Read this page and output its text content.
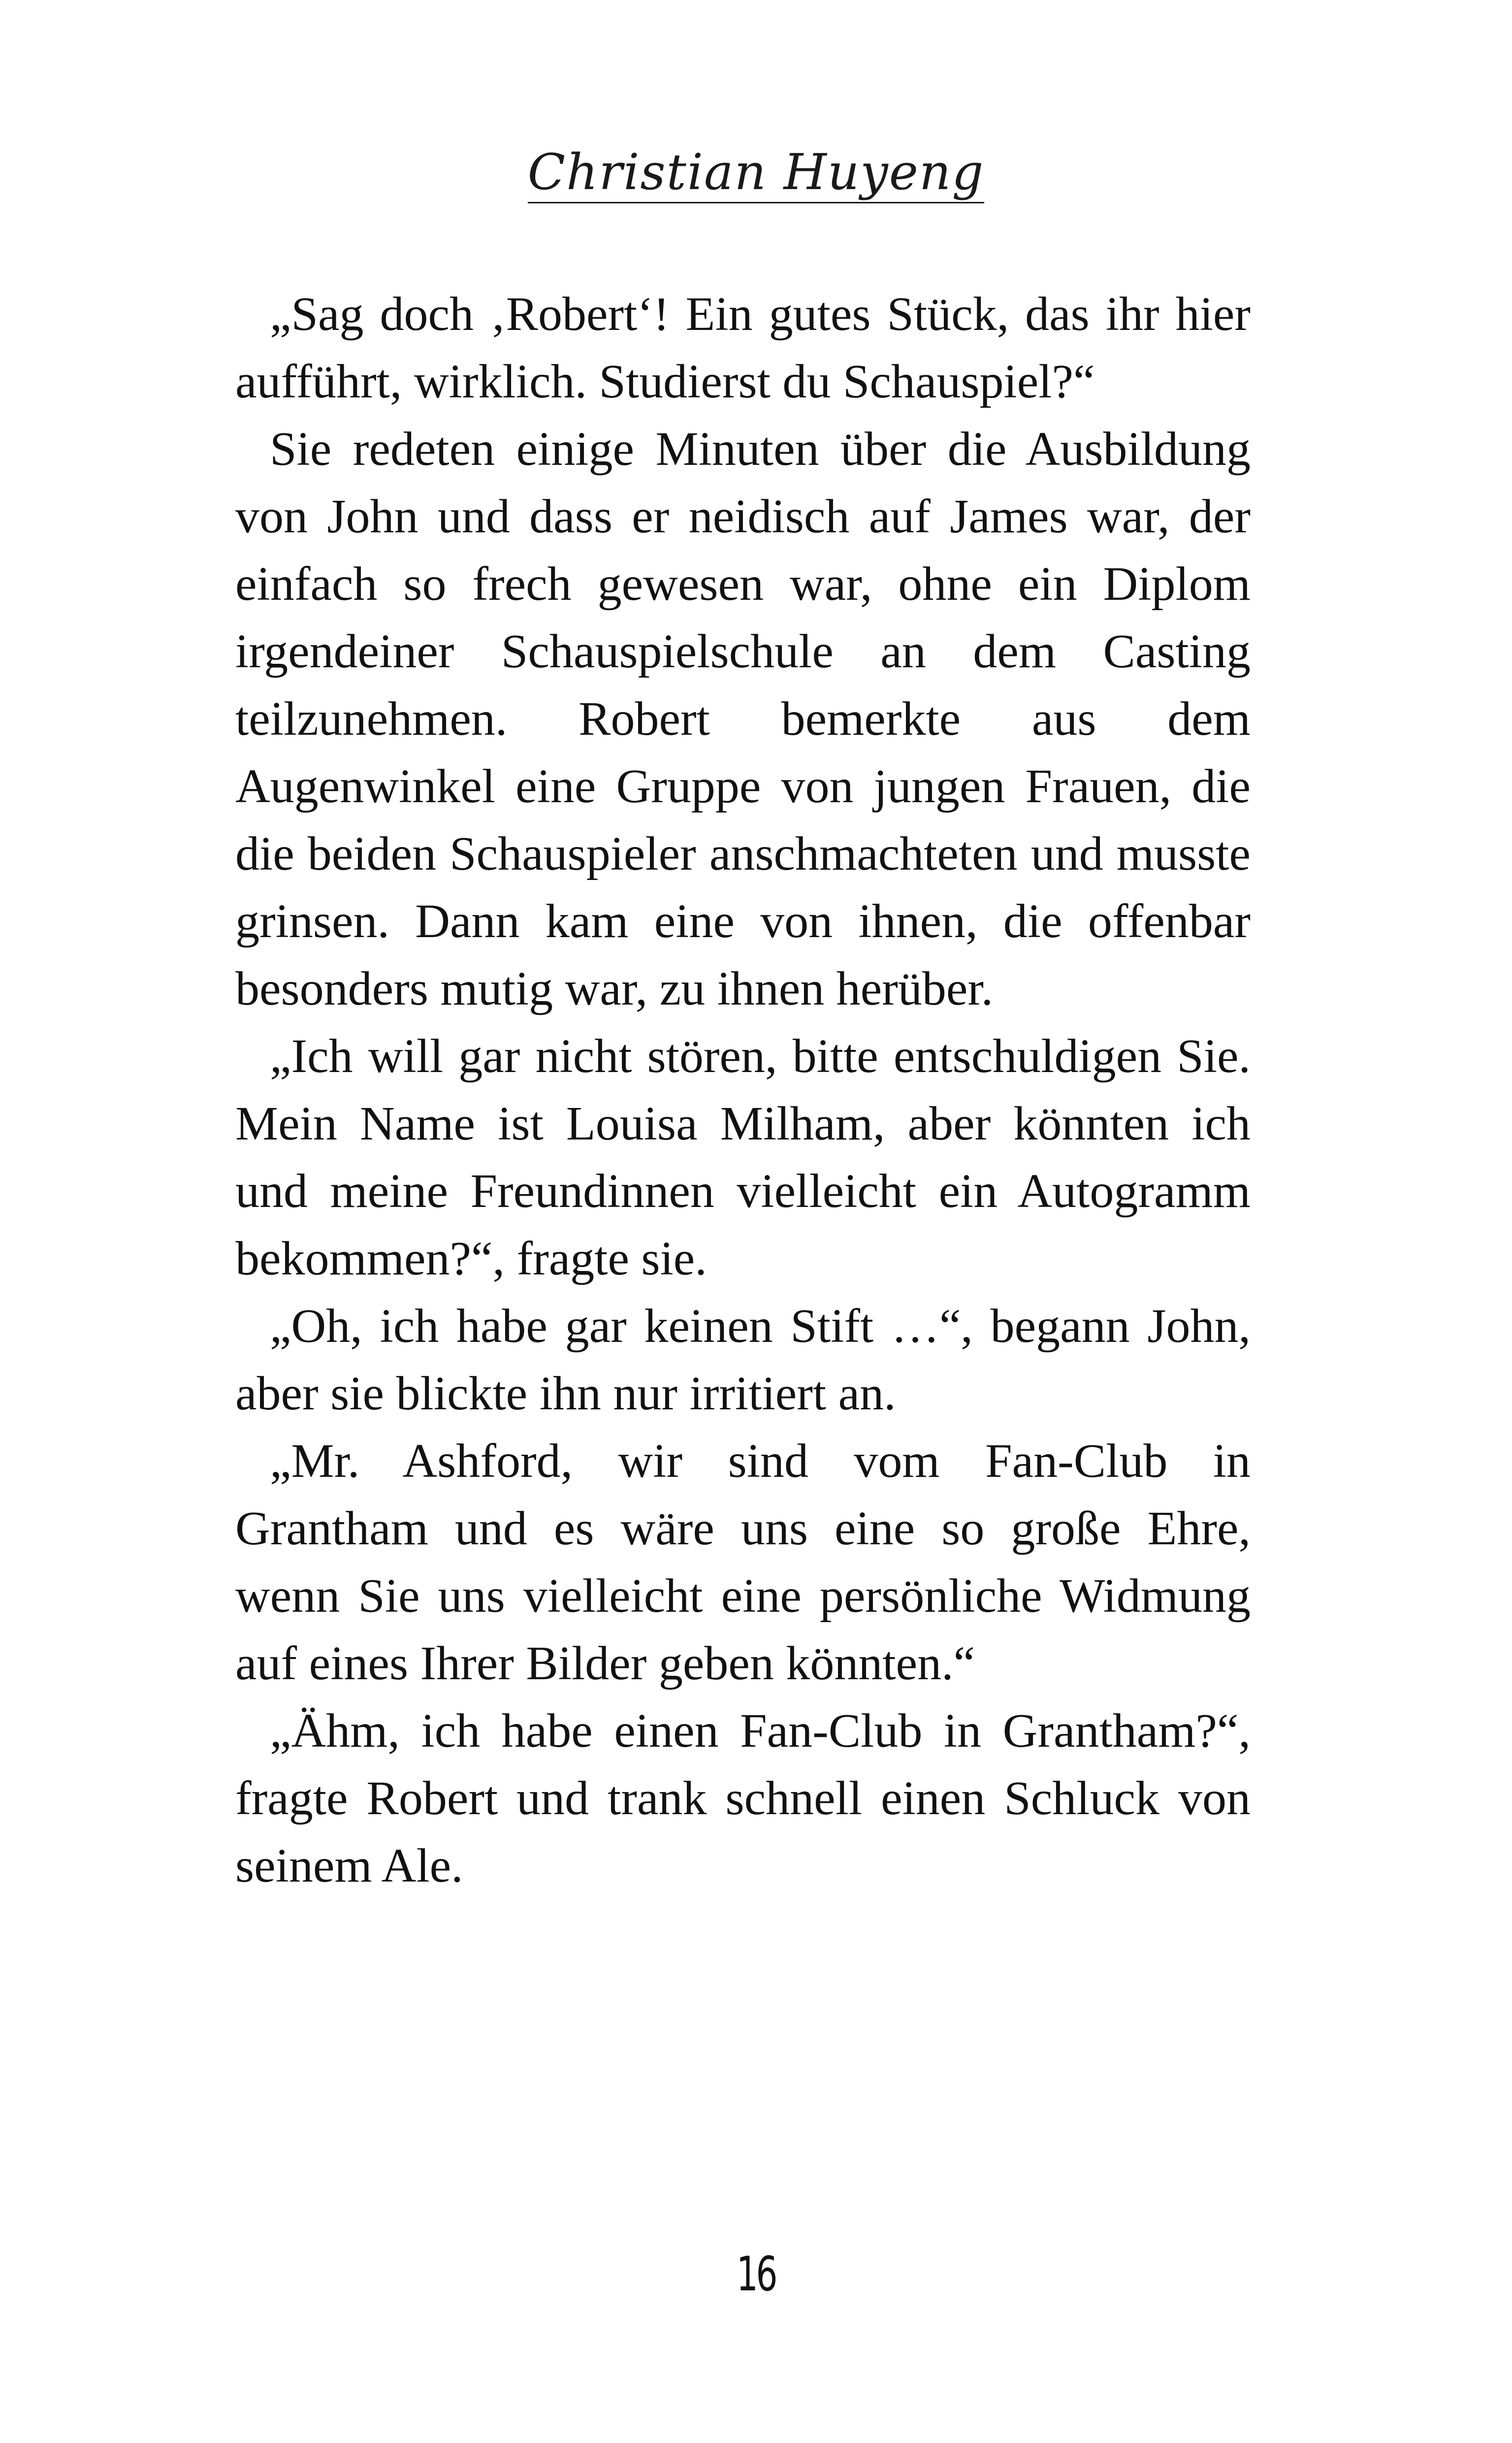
Christian Huyeng

„Sag doch ‚Robert‘! Ein gutes Stück, das ihr hier aufführt, wirklich. Studierst du Schauspiel?“

Sie redeten einige Minuten über die Ausbildung von John und dass er neidisch auf James war, der einfach so frech gewesen war, ohne ein Diplom irgendeiner Schauspielschule an dem Casting teilzunehmen. Robert bemerkte aus dem Augenwinkel eine Gruppe von jungen Frauen, die die beiden Schauspieler anschmachteten und musste grinsen. Dann kam eine von ihnen, die offenbar besonders mutig war, zu ihnen herüber.

„Ich will gar nicht stören, bitte entschuldigen Sie. Mein Name ist Louisa Milham, aber könnten ich und meine Freundinnen vielleicht ein Autogramm bekommen?“, fragte sie.

„Oh, ich habe gar keinen Stift …“, begann John, aber sie blickte ihn nur irritiert an.

„Mr. Ashford, wir sind vom Fan-Club in Grantham und es wäre uns eine so große Ehre, wenn Sie uns vielleicht eine persönliche Widmung auf eines Ihrer Bilder geben könnten.“

„Ähm, ich habe einen Fan-Club in Grantham?“, fragte Robert und trank schnell einen Schluck von seinem Ale.

16
